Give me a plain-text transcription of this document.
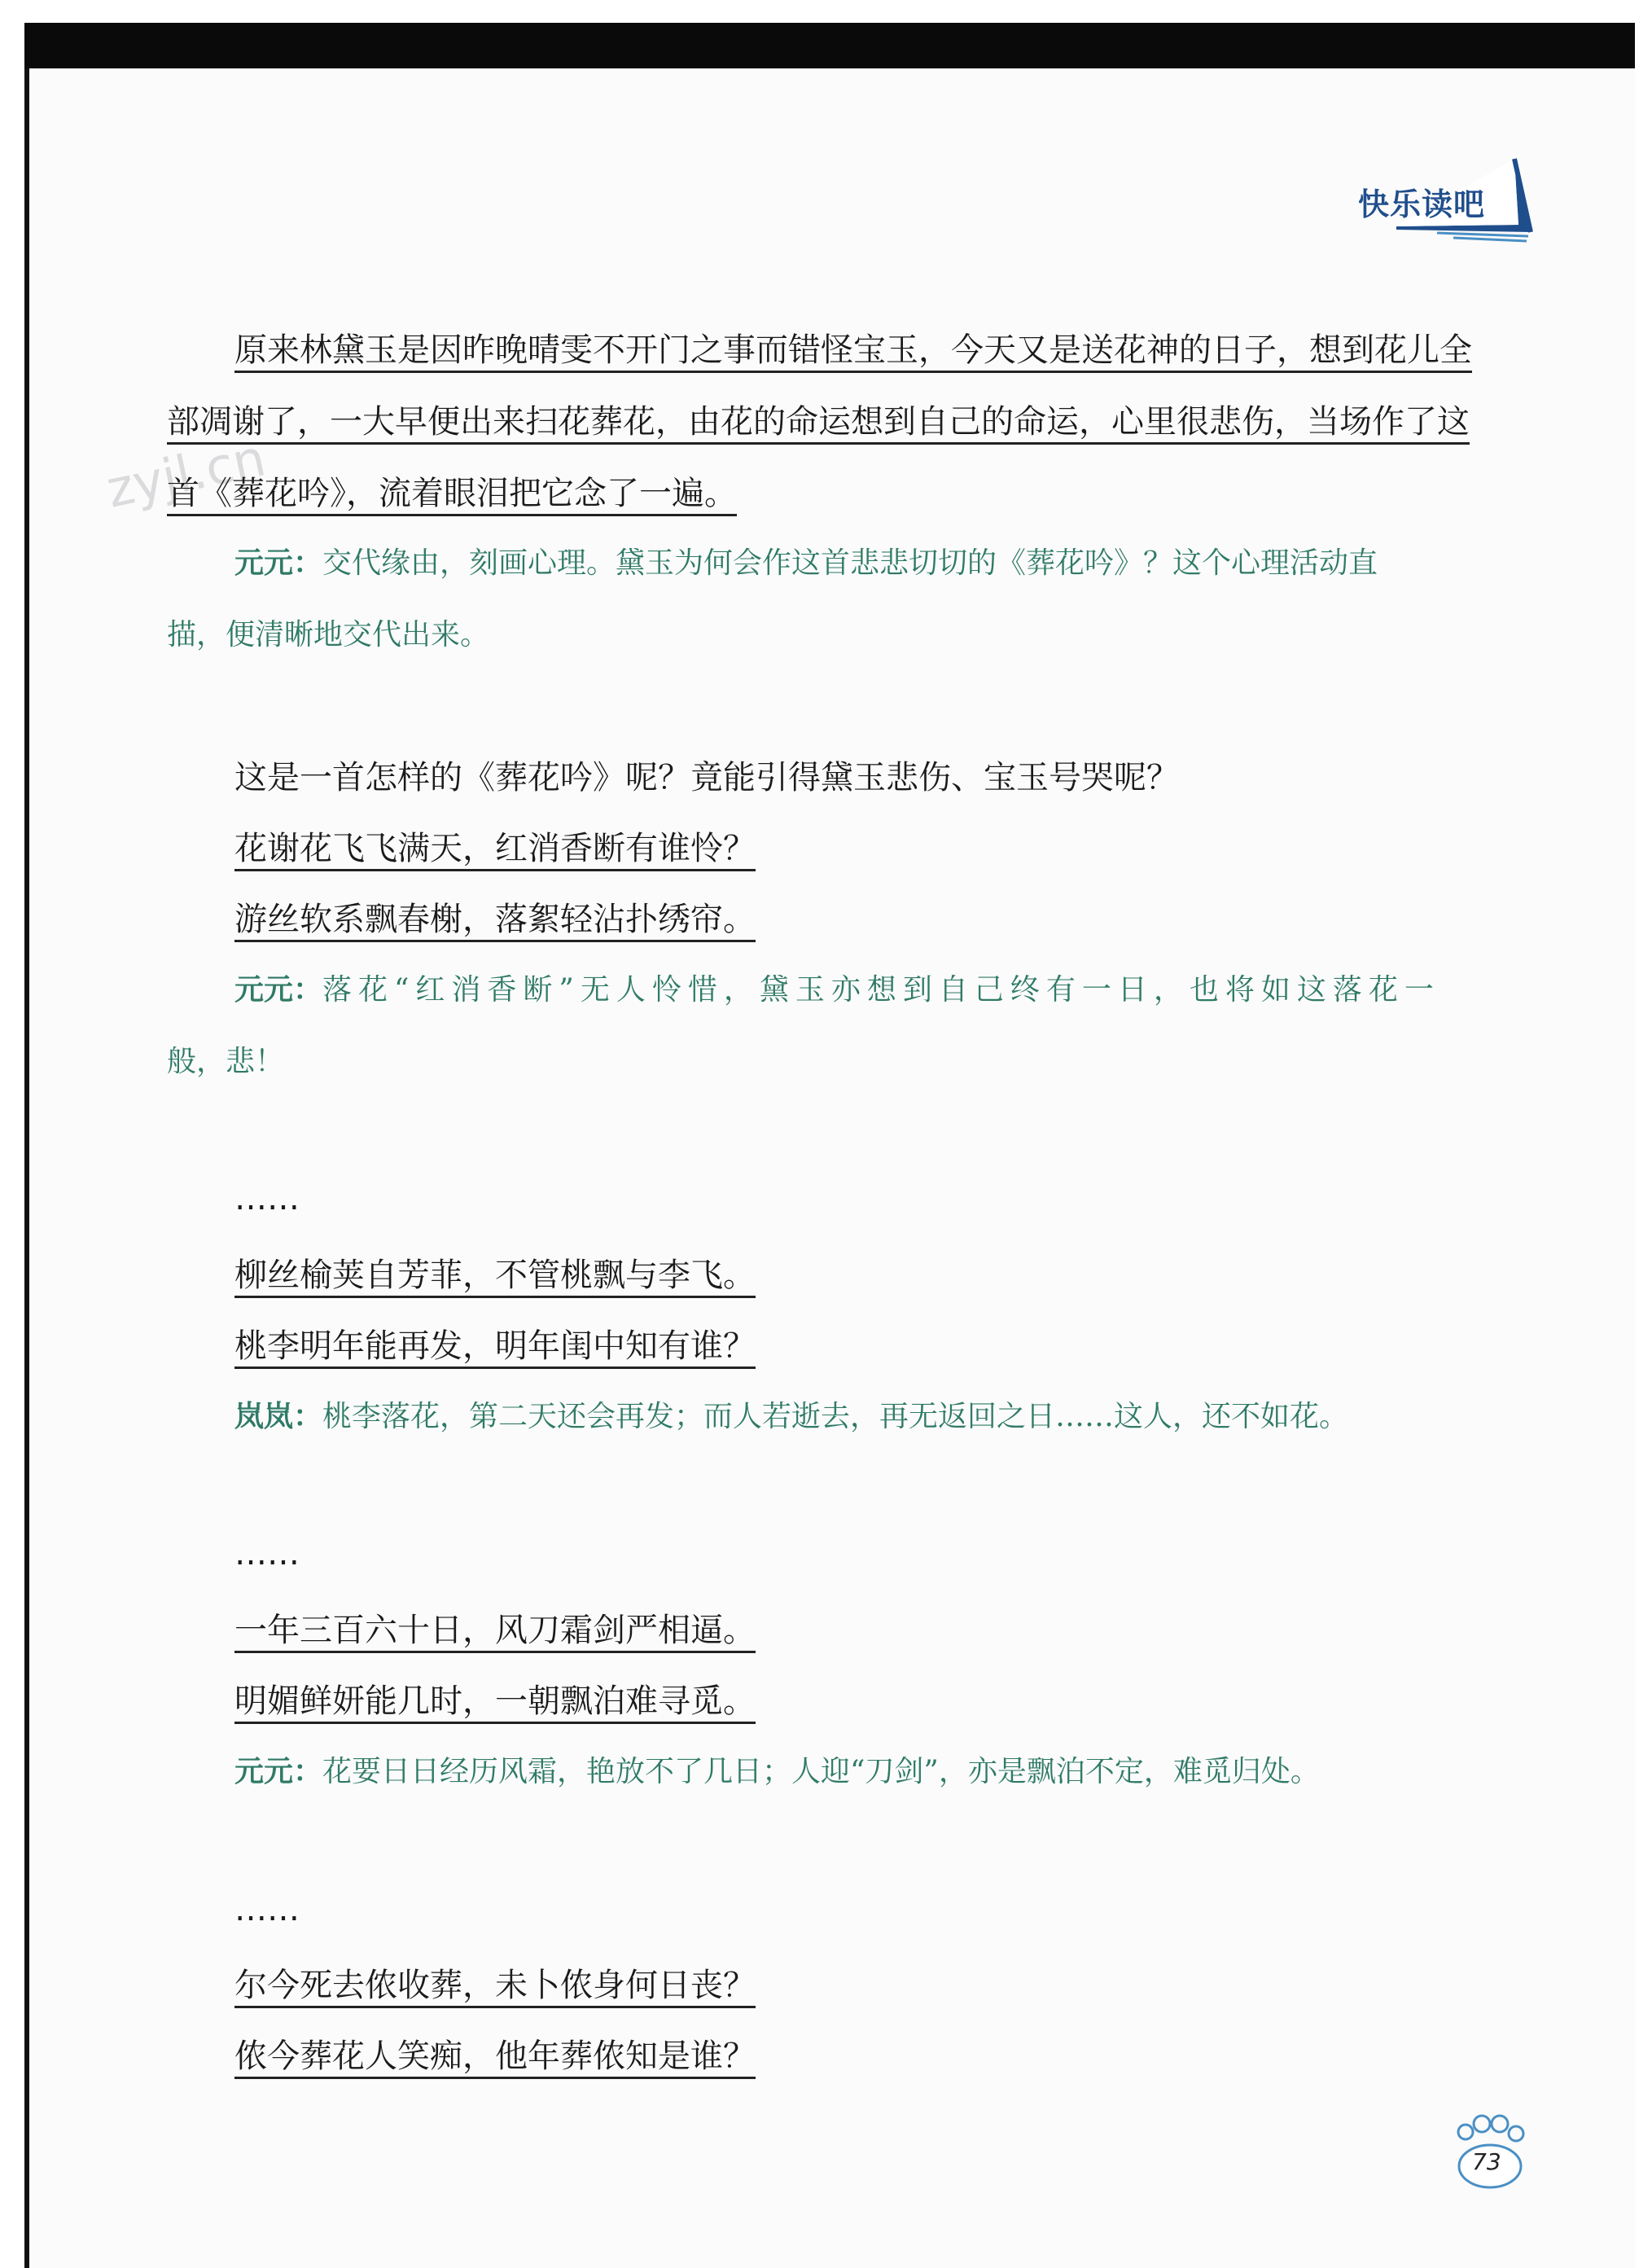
快乐读吧
zyjl.cn
原来林黛玉是因昨晚晴雯不开门之事而错怪宝玉，今天又是送花神的日子，想到花儿全
部凋谢了，一大早便出来扫花葬花，由花的命运想到自己的命运，心里很悲伤，当场作了这
首《葬花吟》，流着眼泪把它念了一遍。
元元：交代缘由，刻画心理。黛玉为何会作这首悲悲切切的《葬花吟》？这个心理活动直
描，便清晰地交代出来。
这是一首怎样的《葬花吟》呢？竟能引得黛玉悲伤、宝玉号哭呢？
花谢花飞飞满天，红消香断有谁怜？
游丝软系飘春榭，落絮轻沾扑绣帘。
元元：落花“红消香断”无人怜惜，黛玉亦想到自己终有一日，也将如这落花一
般，悲！
……
柳丝榆荚自芳菲，不管桃飘与李飞。
桃李明年能再发，明年闺中知有谁？
岚岚：桃李落花，第二天还会再发；而人若逝去，再无返回之日……这人，还不如花。
……
一年三百六十日，风刀霜剑严相逼。
明媚鲜妍能几时，一朝飘泊难寻觅。
元元：花要日日经历风霜，艳放不了几日；人迎“刀剑”，亦是飘泊不定，难觅归处。
……
尔今死去侬收葬，未卜侬身何日丧？
侬今葬花人笑痴，他年葬侬知是谁？
73
